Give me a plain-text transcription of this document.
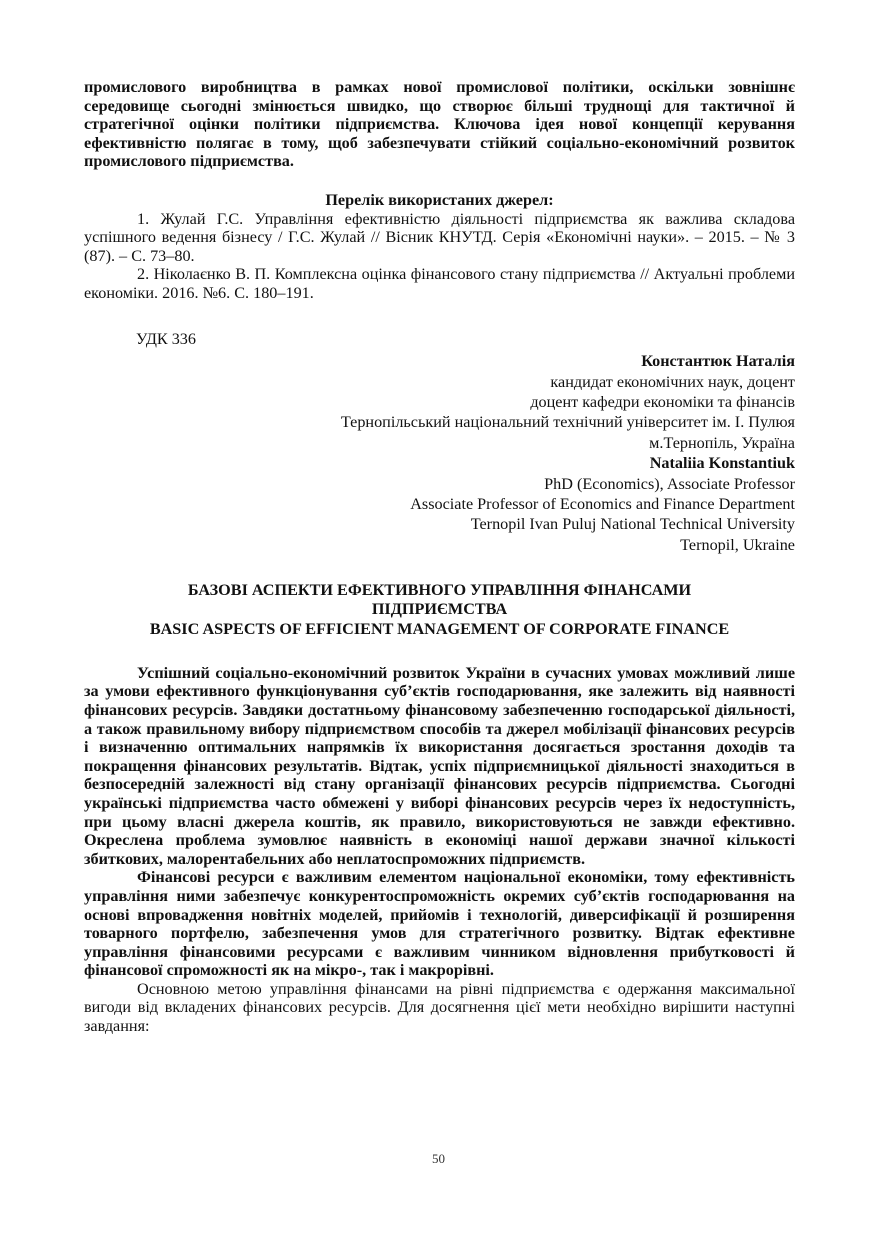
промислового виробництва в рамках нової промислової політики, оскільки зовнішнє середовище сьогодні змінюється швидко, що створює більші труднощі для тактичної й стратегічної оцінки політики підприємства. Ключова ідея нової концепції керування ефективністю полягає в тому, щоб забезпечувати стійкий соціально-економічний розвиток промислового підприємства.

Перелік використаних джерел:

1. Жулай Г.С. Управління ефективністю діяльності підприємства як важлива складова успішного ведення бізнесу / Г.С. Жулай // Вісник КНУТД. Серія «Економічні науки». – 2015. – № 3 (87). – С. 73–80.

2. Ніколаєнко В. П. Комплексна оцінка фінансового стану підприємства // Актуальні проблеми економіки. 2016. №6. С. 180–191.

УДК 336

Константюк Наталія
кандидат економічних наук, доцент
доцент кафедри економіки та фінансів
Тернопільський національний технічний університет ім. І. Пулюя
м.Тернопіль, Україна
Nataliia Konstantiuk
PhD (Economics), Associate Professor
Associate Professor of Economics and Finance Department
Ternopil Ivan Puluj National Technical University
Ternopil, Ukraine
БАЗОВІ АСПЕКТИ ЕФЕКТИВНОГО УПРАВЛІННЯ ФІНАНСАМИ
ПІДПРИЄМСТВА
BASIC ASPECTS OF EFFICIENT MANAGEMENT OF CORPORATE FINANCE

Успішний соціально-економічний розвиток України в сучасних умовах можливий лише за умови ефективного функціонування суб’єктів господарювання, яке залежить від наявності фінансових ресурсів. Завдяки достатньому фінансовому забезпеченню господарської діяльності, а також правильному вибору підприємством способів та джерел мобілізації фінансових ресурсів і визначенню оптимальних напрямків їх використання досягається зростання доходів та покращення фінансових результатів. Відтак, успіх підприємницької діяльності знаходиться в безпосередній залежності від стану організації фінансових ресурсів підприємства. Сьогодні українські підприємства часто обмежені у виборі фінансових ресурсів через їх недоступність, при цьому власні джерела коштів, як правило, використовуються не завжди ефективно. Окреслена проблема зумовлює наявність в економіці нашої держави значної кількості збиткових, малорентабельних або неплатоспроможних підприємств.

Фінансові ресурси є важливим елементом національної економіки, тому ефективність управління ними забезпечує конкурентоспроможність окремих суб’єктів господарювання на основі впровадження новітніх моделей, прийомів і технологій, диверсифікації й розширення товарного портфелю, забезпечення умов для стратегічного розвитку. Відтак ефективне управління фінансовими ресурсами є важливим чинником відновлення прибутковості й фінансової спроможності як на мікро-, так і макрорівні.

Основною метою управління фінансами на рівні підприємства є одержання максимальної вигоди від вкладених фінансових ресурсів. Для досягнення цієї мети необхідно вирішити наступні завдання:

50
